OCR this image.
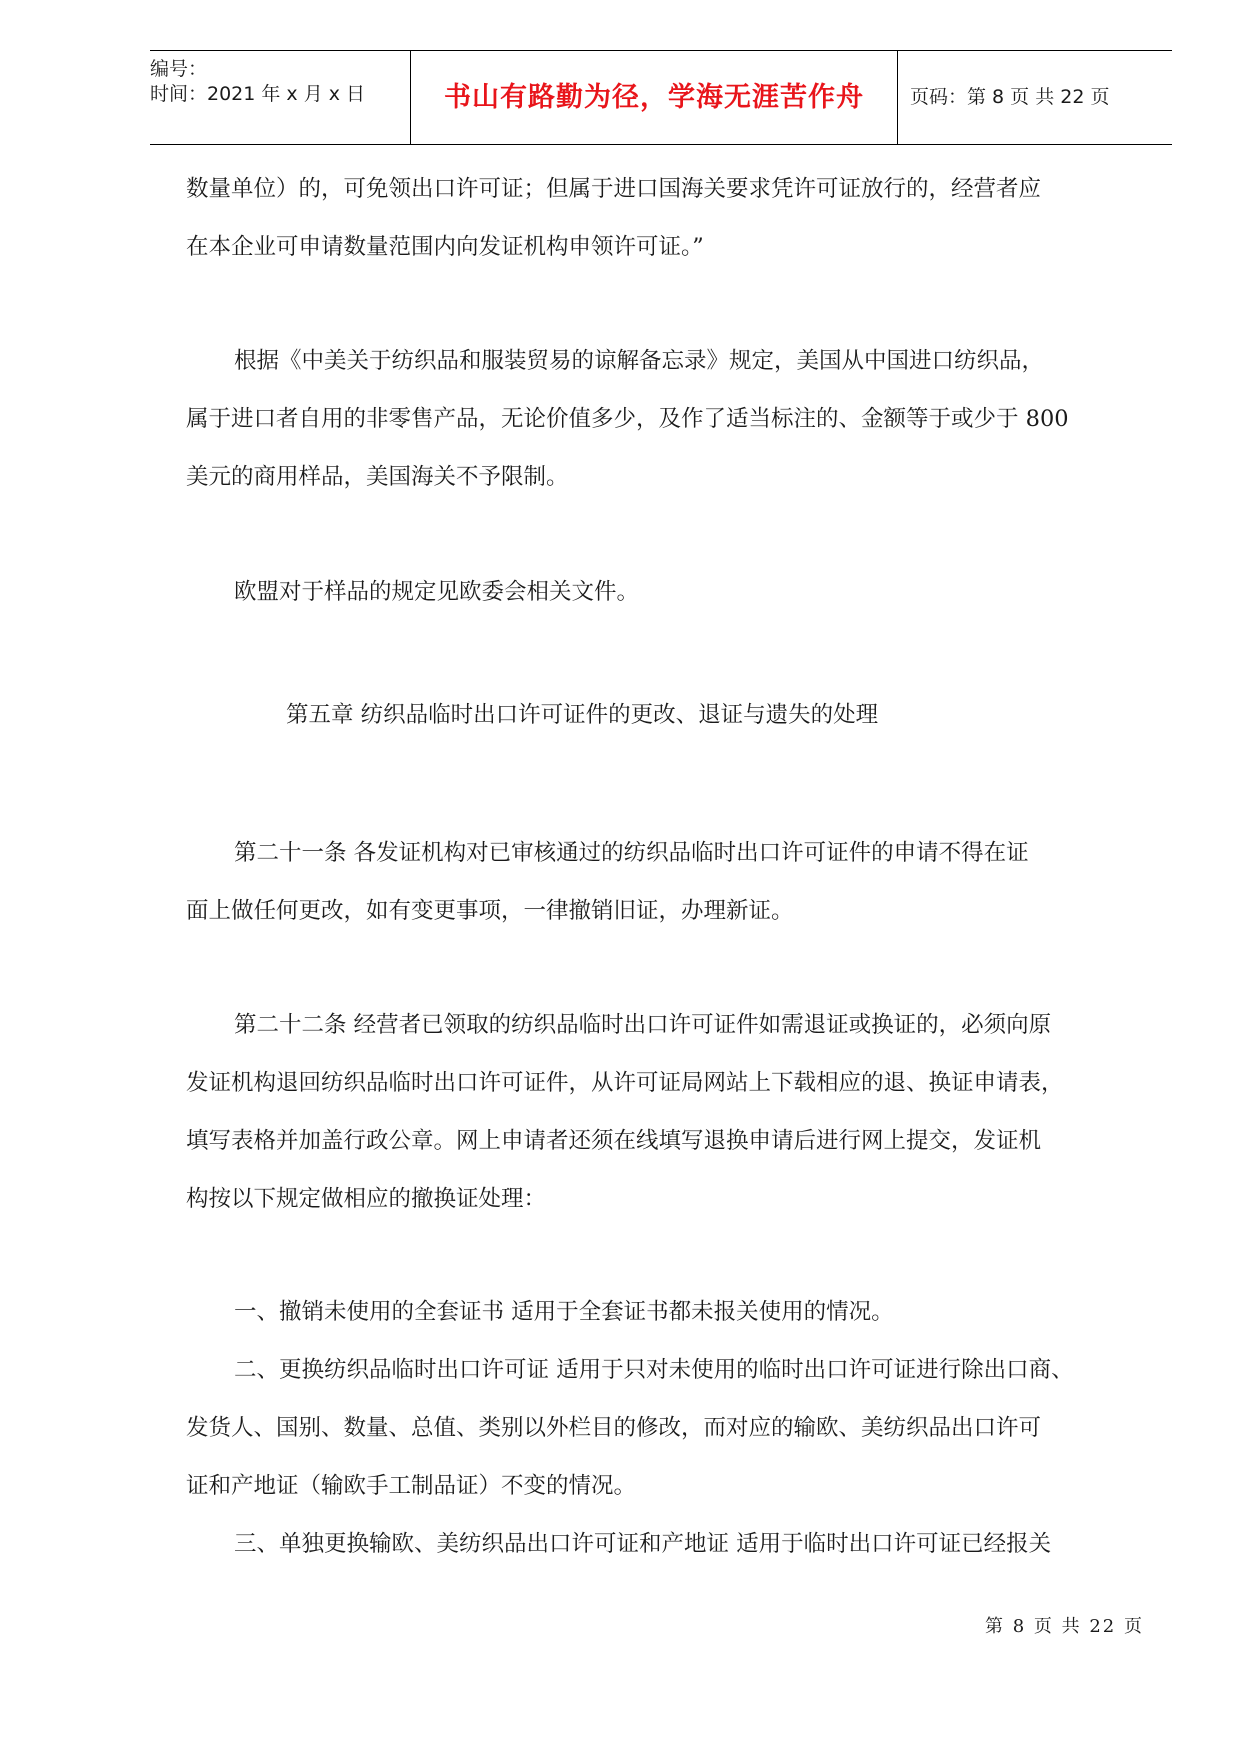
编号：
时间：2021 年 x 月 x 日	书山有路勤为径，学海无涯苦作舟	页码：第 8 页 共 22 页

数量单位）的，可免领出口许可证；但属于进口国海关要求凭许可证放行的，经营者应

在本企业可申请数量范围内向发证机构申领许可证。”

根据《中美关于纺织品和服装贸易的谅解备忘录》规定，美国从中国进口纺织品，

属于进口者自用的非零售产品，无论价值多少，及作了适当标注的、金额等于或少于 800

美元的商用样品，美国海关不予限制。

欧盟对于样品的规定见欧委会相关文件。

第五章 纺织品临时出口许可证件的更改、退证与遗失的处理

第二十一条 各发证机构对已审核通过的纺织品临时出口许可证件的申请不得在证

面上做任何更改，如有变更事项，一律撤销旧证，办理新证。

第二十二条 经营者已领取的纺织品临时出口许可证件如需退证或换证的，必须向原

发证机构退回纺织品临时出口许可证件，从许可证局网站上下载相应的退、换证申请表，

填写表格并加盖行政公章。网上申请者还须在线填写退换申请后进行网上提交，发证机

构按以下规定做相应的撤换证处理：

一、撤销未使用的全套证书 适用于全套证书都未报关使用的情况。

二、更换纺织品临时出口许可证 适用于只对未使用的临时出口许可证进行除出口商、

发货人、国别、数量、总值、类别以外栏目的修改，而对应的输欧、美纺织品出口许可

证和产地证（输欧手工制品证）不变的情况。

三、单独更换输欧、美纺织品出口许可证和产地证 适用于临时出口许可证已经报关

第 8 页 共 22 页
